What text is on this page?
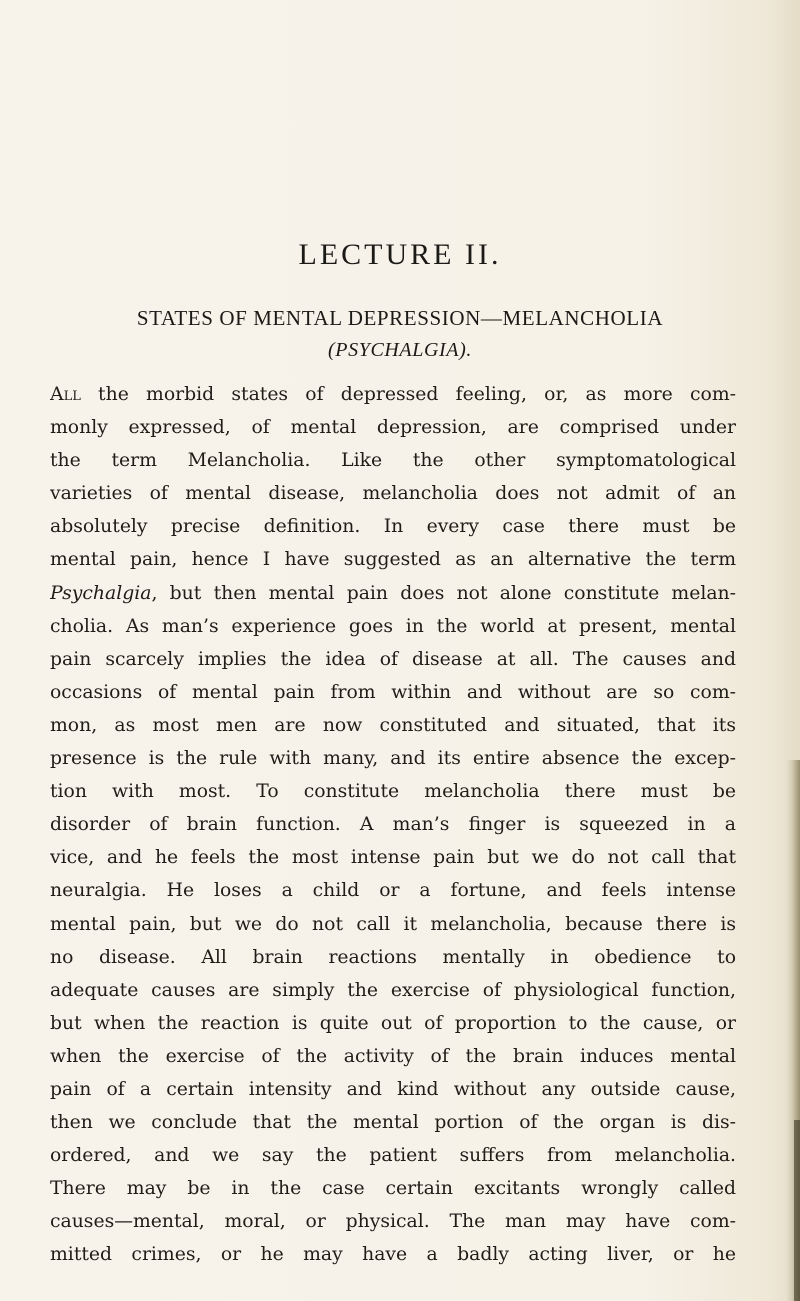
LECTURE II.
STATES OF MENTAL DEPRESSION—MELANCHOLIA
(PSYCHALGIA).
All the morbid states of depressed feeling, or, as more com-
monly expressed, of mental depression, are comprised under
the term Melancholia. Like the other symptomatological
varieties of mental disease, melancholia does not admit of an
absolutely precise definition. In every case there must be
mental pain, hence I have suggested as an alternative the term
Psychalgia, but then mental pain does not alone constitute melan-
cholia. As man’s experience goes in the world at present, mental
pain scarcely implies the idea of disease at all. The causes and
occasions of mental pain from within and without are so com-
mon, as most men are now constituted and situated, that its
presence is the rule with many, and its entire absence the excep-
tion with most. To constitute melancholia there must be
disorder of brain function. A man’s finger is squeezed in a
vice, and he feels the most intense pain but we do not call that
neuralgia. He loses a child or a fortune, and feels intense
mental pain, but we do not call it melancholia, because there is
no disease. All brain reactions mentally in obedience to
adequate causes are simply the exercise of physiological function,
but when the reaction is quite out of proportion to the cause, or
when the exercise of the activity of the brain induces mental
pain of a certain intensity and kind without any outside cause,
then we conclude that the mental portion of the organ is dis-
ordered, and we say the patient suffers from melancholia.
There may be in the case certain excitants wrongly called
causes—mental, moral, or physical. The man may have com-
mitted crimes, or he may have a badly acting liver, or he
